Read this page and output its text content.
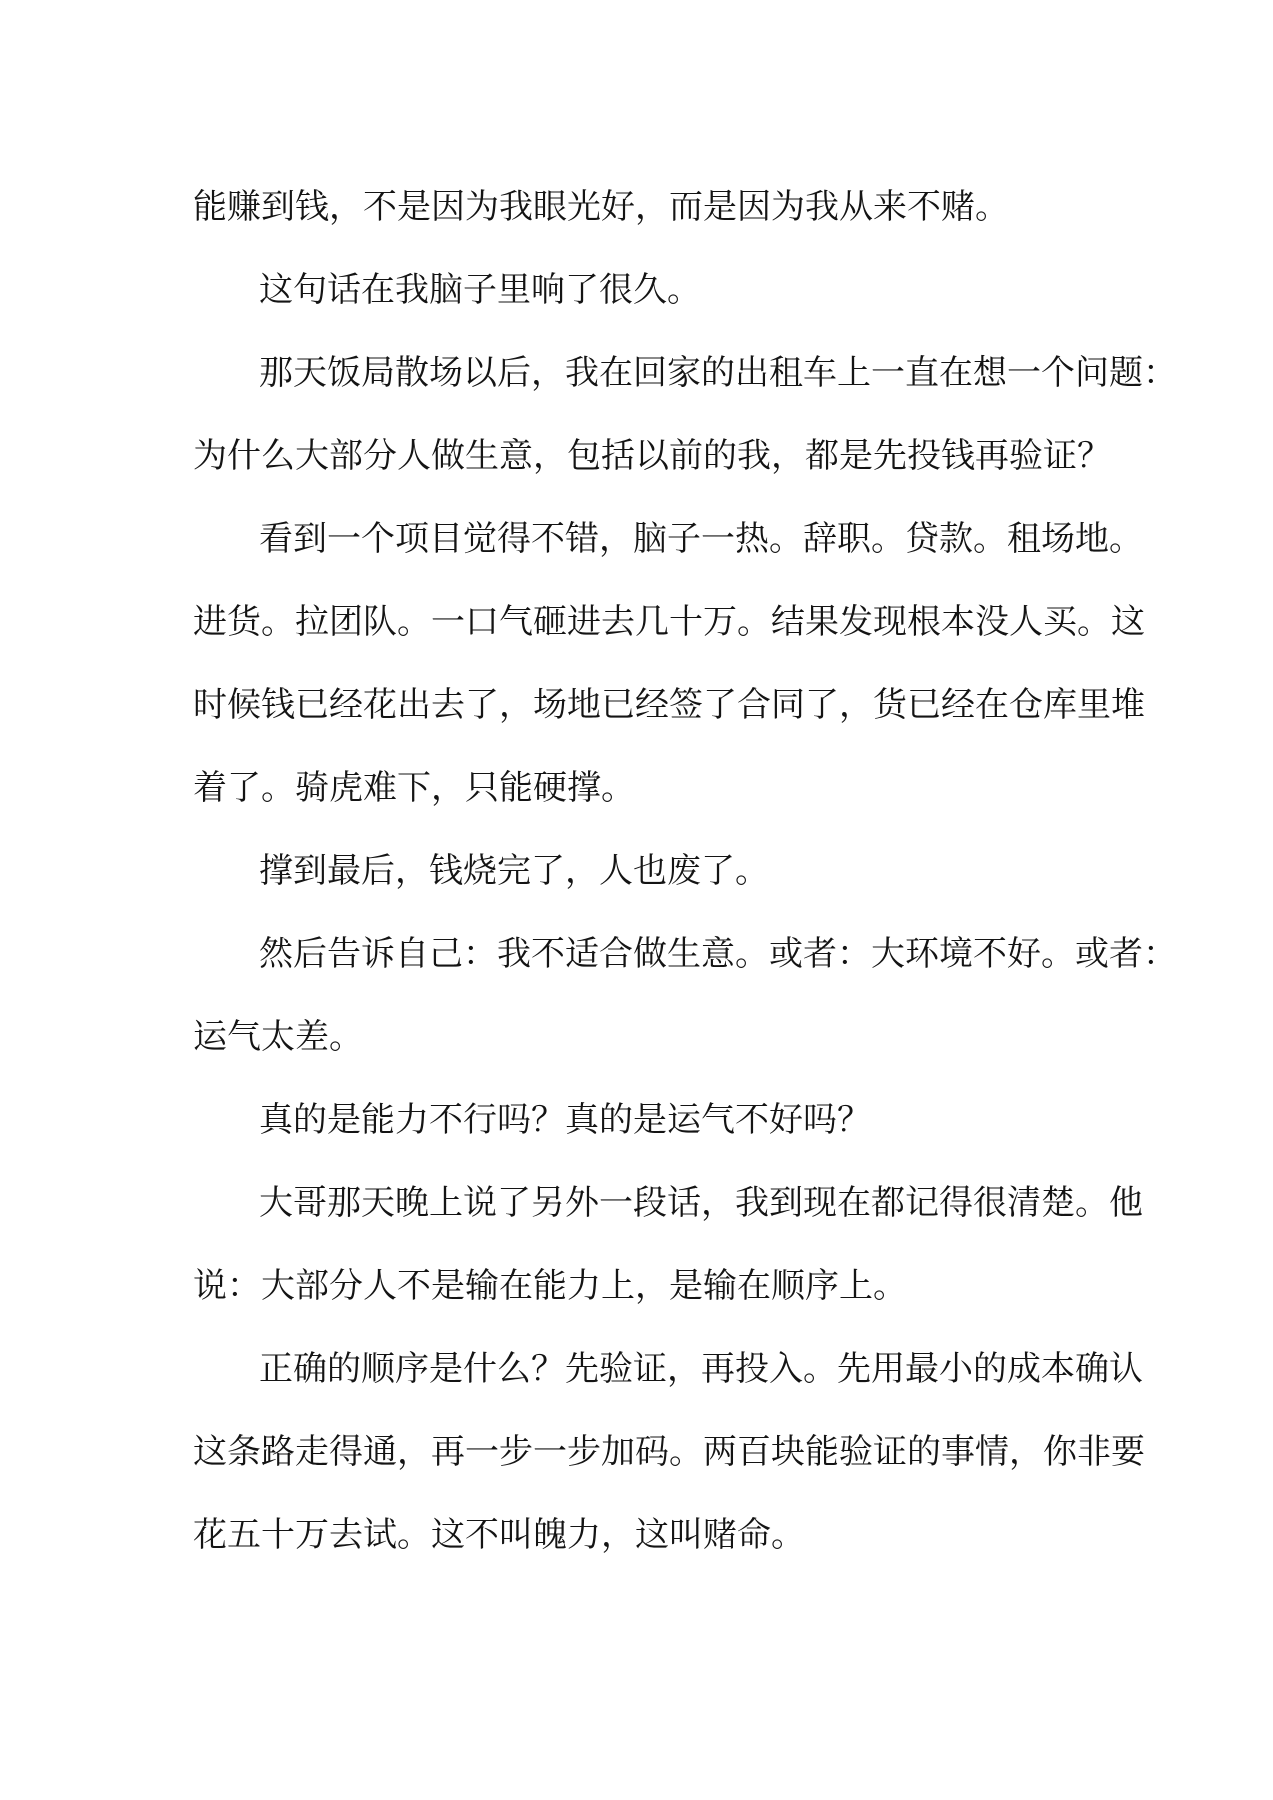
能赚到钱，不是因为我眼光好，而是因为我从来不赌。
这句话在我脑子里响了很久。
那天饭局散场以后，我在回家的出租车上一直在想一个问题：
为什么大部分人做生意，包括以前的我，都是先投钱再验证？
看到一个项目觉得不错，脑子一热。辞职。贷款。租场地。
进货。拉团队。一口气砸进去几十万。结果发现根本没人买。这
时候钱已经花出去了，场地已经签了合同了，货已经在仓库里堆
着了。骑虎难下，只能硬撑。
撑到最后，钱烧完了，人也废了。
然后告诉自己：我不适合做生意。或者：大环境不好。或者：
运气太差。
真的是能力不行吗？真的是运气不好吗？
大哥那天晚上说了另外一段话，我到现在都记得很清楚。他
说：大部分人不是输在能力上，是输在顺序上。
正确的顺序是什么？先验证，再投入。先用最小的成本确认
这条路走得通，再一步一步加码。两百块能验证的事情，你非要
花五十万去试。这不叫魄力，这叫赌命。
